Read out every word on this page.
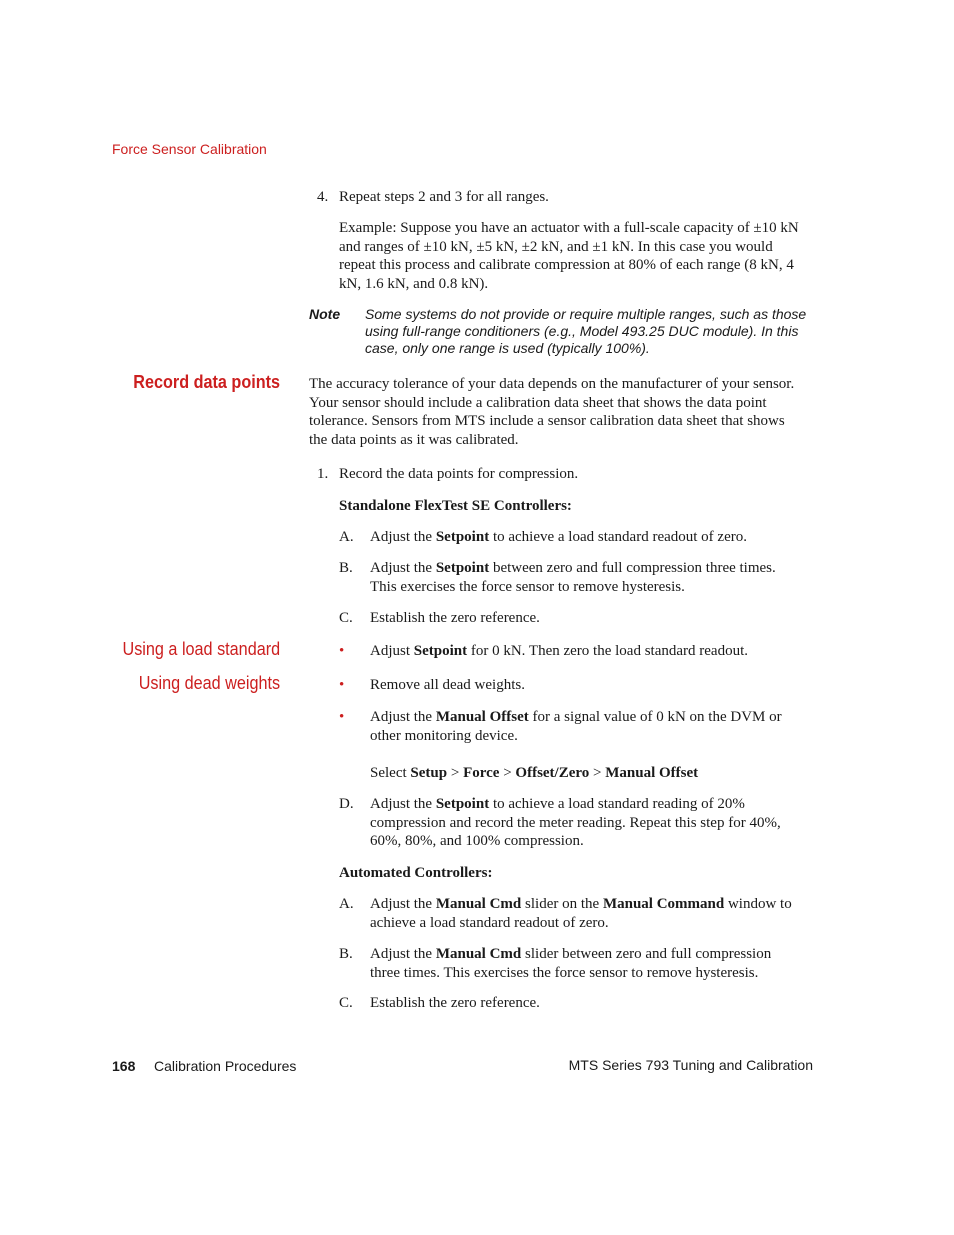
Force Sensor Calibration
4. Repeat steps 2 and 3 for all ranges.
Example: Suppose you have an actuator with a full-scale capacity of ±10 kN
and ranges of ±10 kN, ±5 kN, ±2 kN, and ±1 kN. In this case you would
repeat this process and calibrate compression at 80% of each range (8 kN, 4
kN, 1.6 kN, and 0.8 kN).
Note Some systems do not provide or require multiple ranges, such as those
using full-range conditioners (e.g., Model 493.25 DUC module). In this
case, only one range is used (typically 100%).
Record data points The accuracy tolerance of your data depends on the manufacturer of your sensor.
Your sensor should include a calibration data sheet that shows the data point
tolerance. Sensors from MTS include a sensor calibration data sheet that shows
the data points as it was calibrated.
1. Record the data points for compression.
Standalone FlexTest SE Controllers:
A. Adjust the Setpoint to achieve a load standard readout of zero.
B. Adjust the Setpoint between zero and full compression three times.
This exercises the force sensor to remove hysteresis.
C. Establish the zero reference.
Using a load standard
Using dead weights
• Adjust Setpoint for 0 kN. Then zero the load standard readout.
• Remove all dead weights.
• Adjust the Manual Offset for a signal value of 0 kN on the DVM or
other monitoring device.
Select Setup > Force > Offset/Zero > Manual Offset
D. Adjust the Setpoint to achieve a load standard reading of 20%
compression and record the meter reading. Repeat this step for 40%,
60%, 80%, and 100% compression.
Automated Controllers:
A. Adjust the Manual Cmd slider on the Manual Command window to
achieve a load standard readout of zero.
B. Adjust the Manual Cmd slider between zero and full compression
three times. This exercises the force sensor to remove hysteresis.
C. Establish the zero reference.
168 Calibration Procedures	MTS Series 793 Tuning and Calibration
